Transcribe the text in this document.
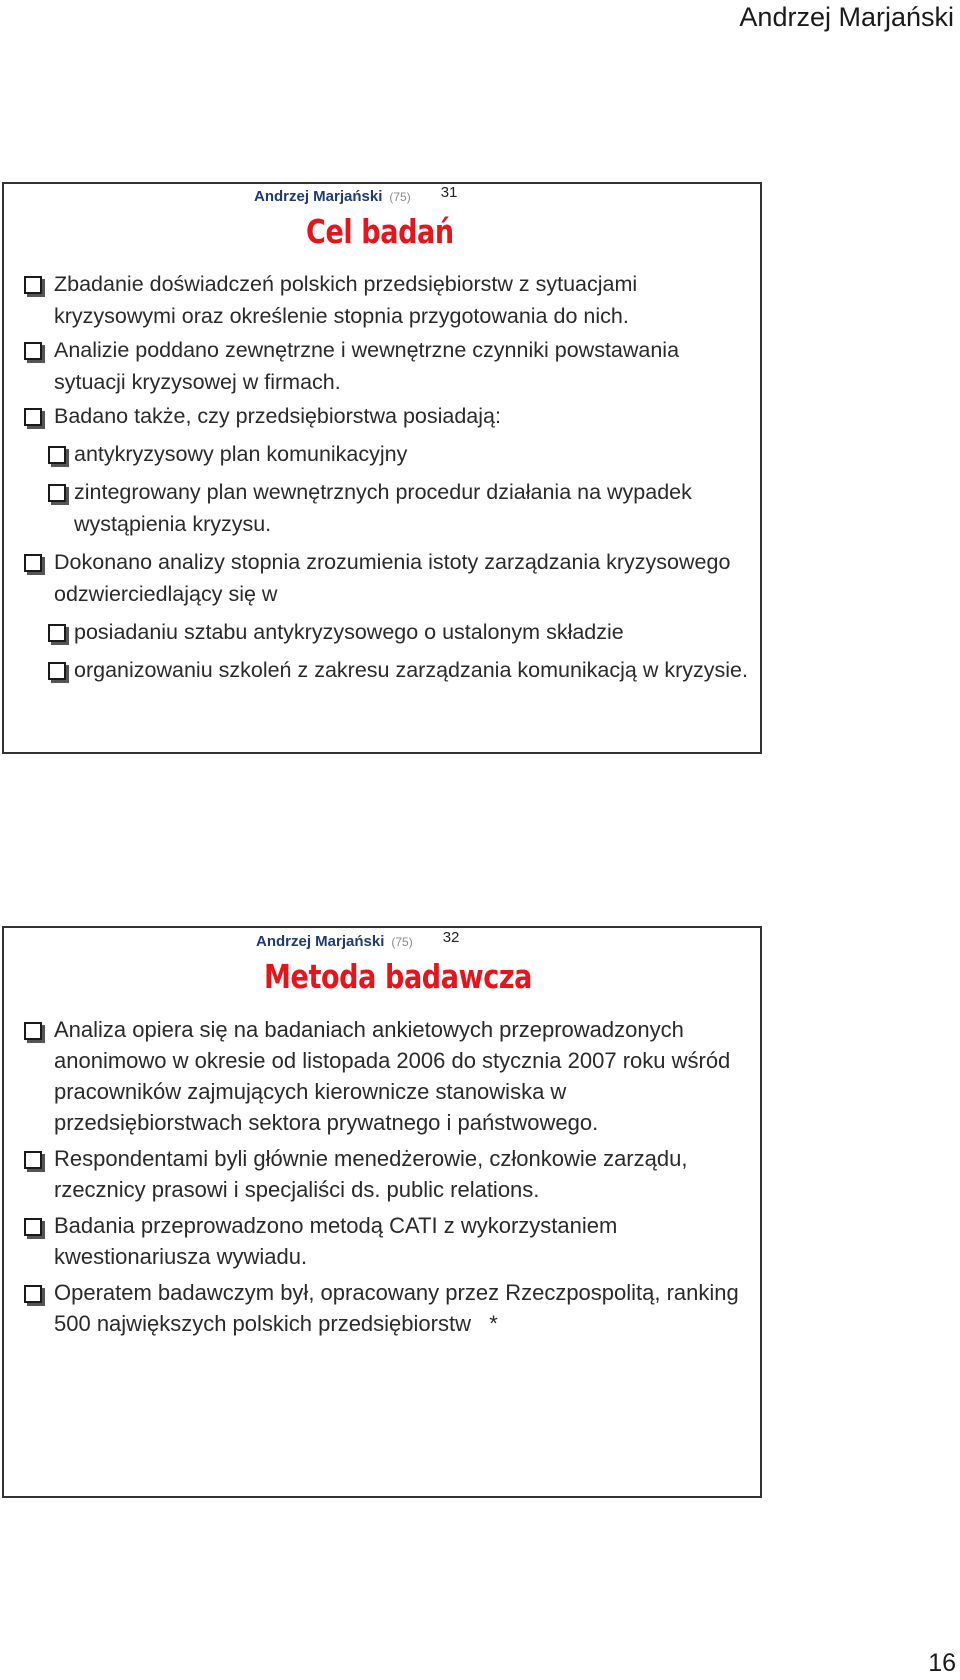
Andrzej Marjański
Andrzej Marjański (75) 31
Cel badań
Zbadanie doświadczeń polskich przedsiębiorstw z sytuacjami kryzysowymi oraz określenie stopnia przygotowania do nich.
Analizie poddano zewnętrzne i wewnętrzne czynniki powstawania sytuacji kryzysowej w firmach.
Badano także, czy przedsiębiorstwa posiadają:
antykryzysowy plan komunikacyjny
zintegrowany plan wewnętrznych procedur działania na wypadek wystąpienia kryzysu.
Dokonano analizy stopnia zrozumienia istoty zarządzania kryzysowego odzwierciedlający się w
posiadaniu sztabu antykryzysowego o ustalonym składzie
organizowaniu szkoleń z zakresu zarządzania komunikacją w kryzysie.
Andrzej Marjański (75) 32
Metoda badawcza
Analiza opiera się na badaniach ankietowych przeprowadzonych anonimowo w okresie od listopada 2006 do stycznia 2007 roku wśród pracowników zajmujących kierownicze stanowiska w przedsiębiorstwach sektora prywatnego i państwowego.
Respondentami byli głównie menedżerowie, członkowie zarządu, rzecznicy prasowi i specjaliści ds. public relations.
Badania przeprowadzono metodą CATI z wykorzystaniem kwestionariusza wywiadu.
Operatem badawczym był, opracowany przez Rzeczpospolitą, ranking 500 największych polskich przedsiębiorstw   *
16
